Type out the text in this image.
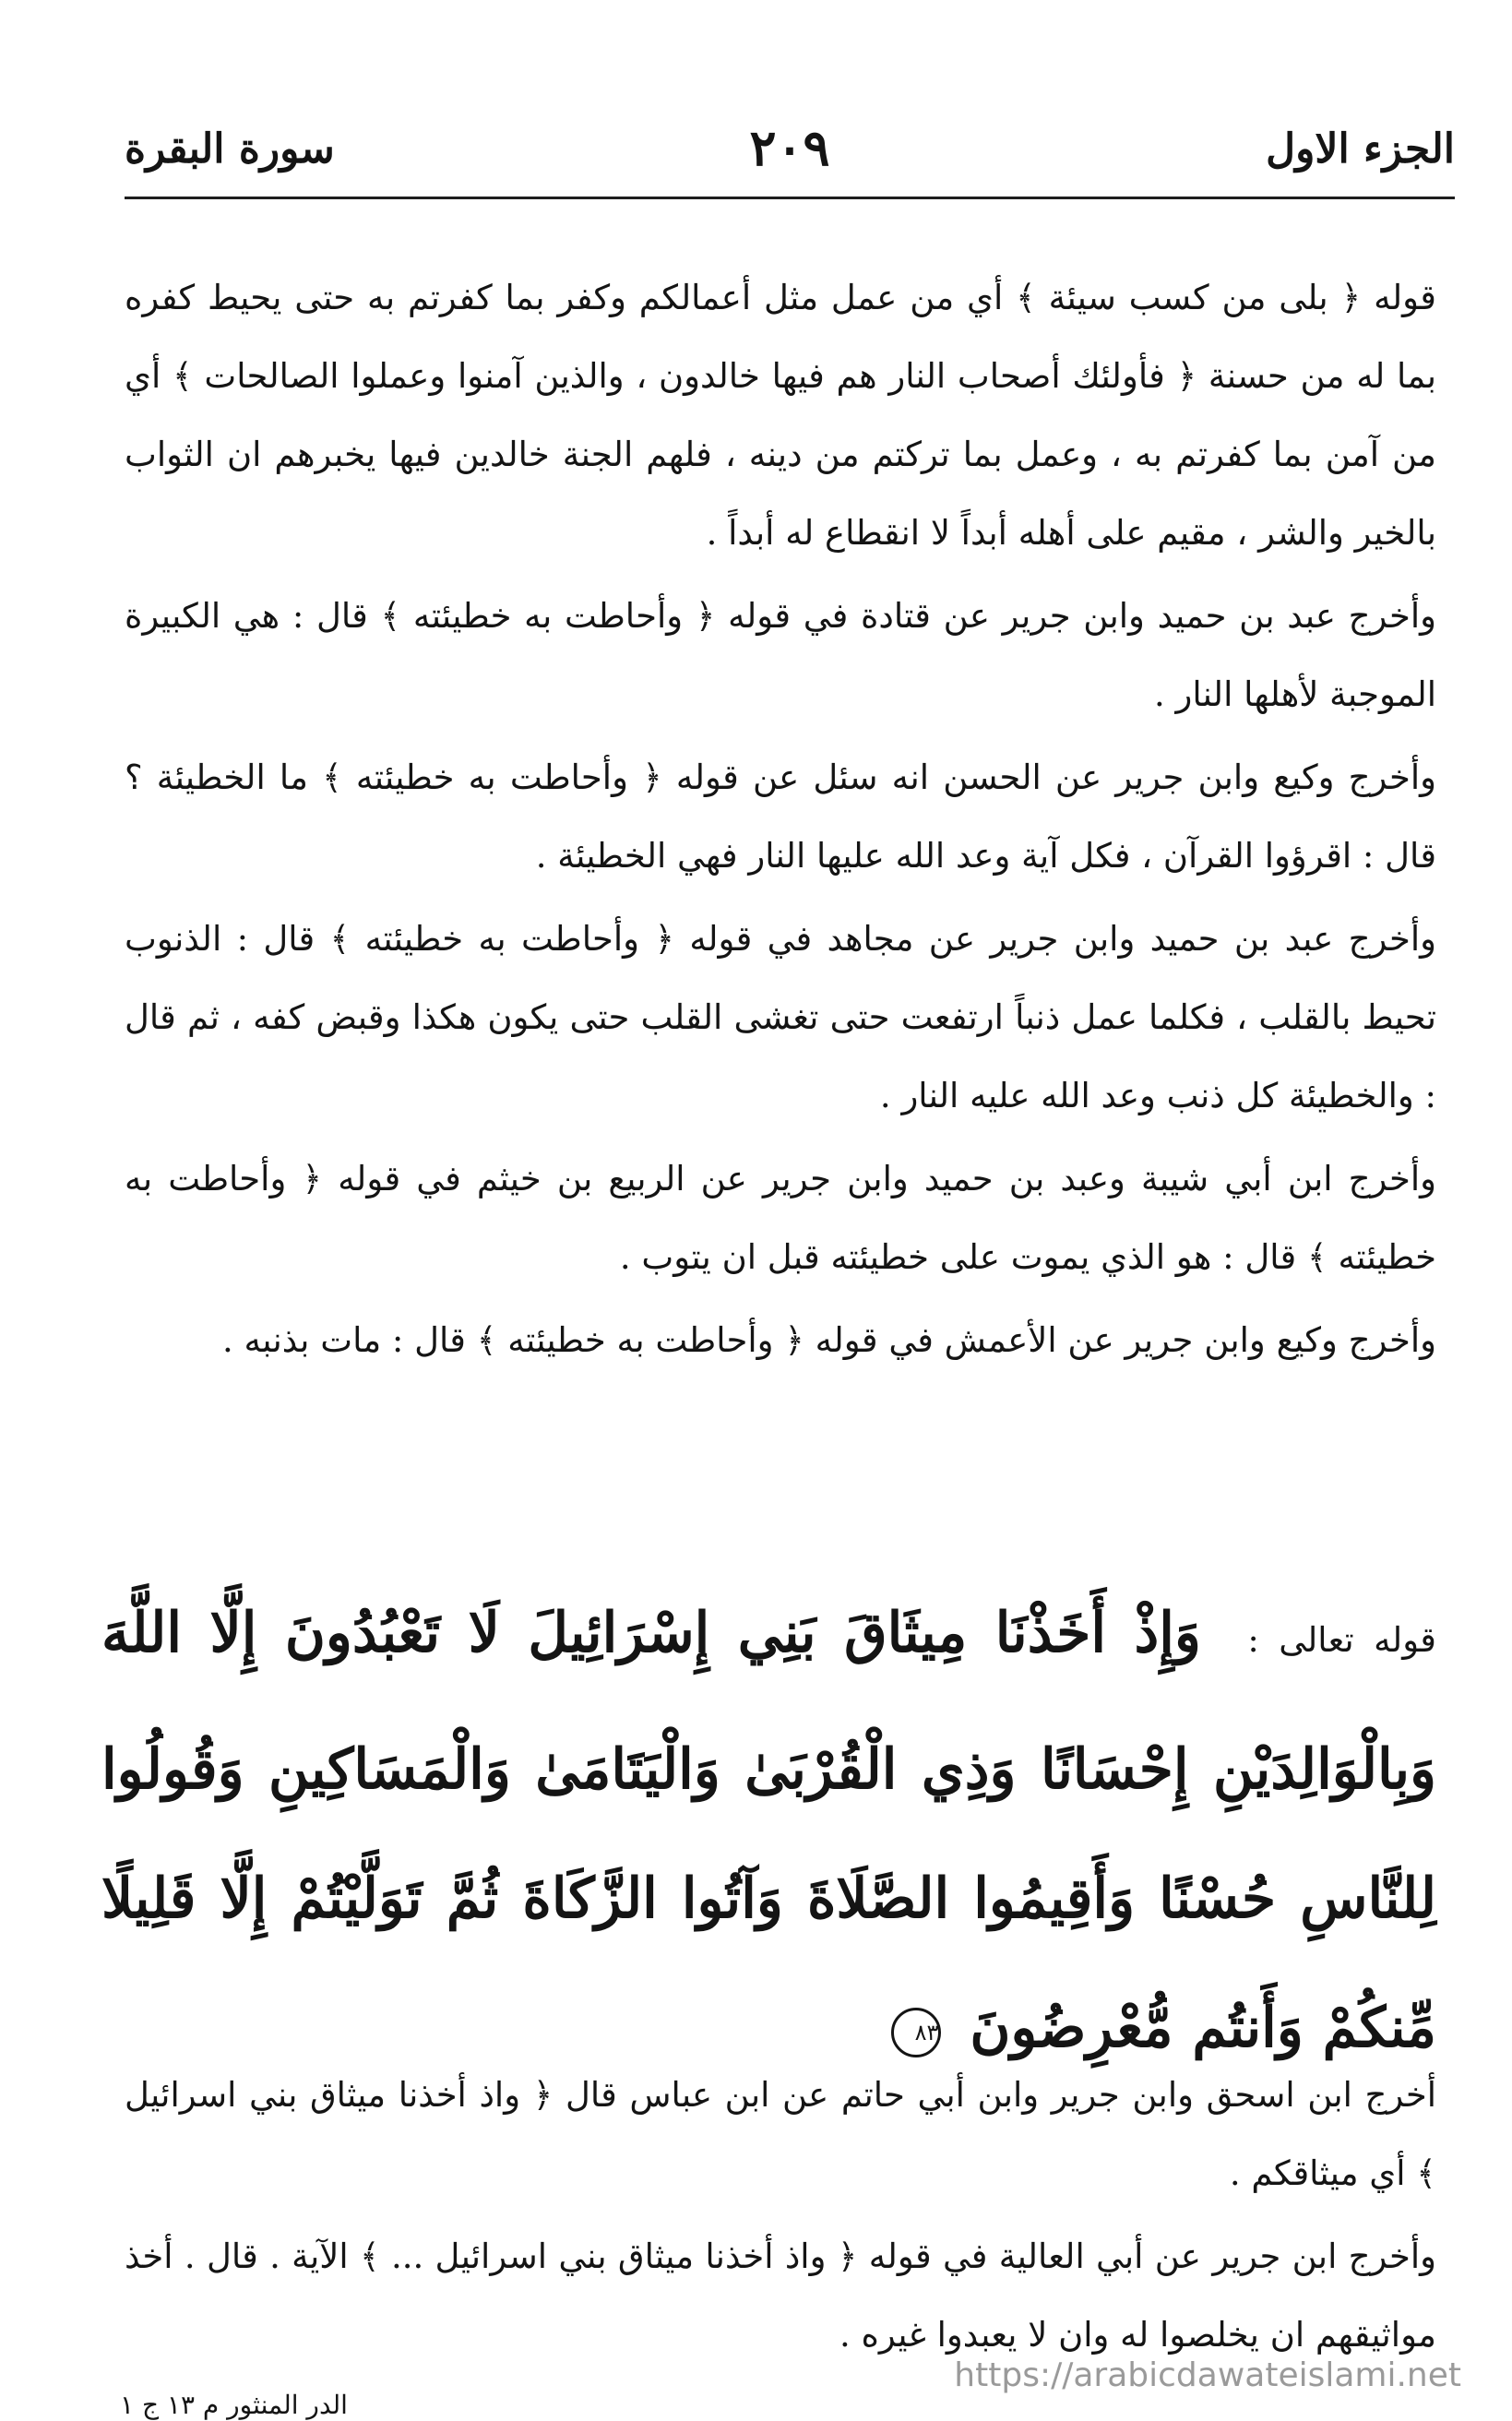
الجزء الاول
٢٠٩
سورة البقرة

قوله ﴿ بلى من كسب سيئة ﴾ أي من عمل مثل أعمالكم وكفر بما كفرتم به حتى يحيط كفره بما له من حسنة ﴿ فأولئك أصحاب النار هم فيها خالدون ، والذين آمنوا وعملوا الصالحات ﴾ أي من آمن بما كفرتم به ، وعمل بما تركتم من دينه ، فلهم الجنة خالدين فيها يخبرهم ان الثواب بالخير والشر ، مقيم على أهله أبداً لا انقطاع له أبداً .

وأخرج عبد بن حميد وابن جرير عن قتادة في قوله ﴿ وأحاطت به خطيئته ﴾ قال : هي الكبيرة الموجبة لأهلها النار .

وأخرج وكيع وابن جرير عن الحسن انه سئل عن قوله ﴿ وأحاطت به خطيئته ﴾ ما الخطيئة ؟ قال : اقرؤوا القرآن ، فكل آية وعد الله عليها النار فهي الخطيئة .

وأخرج عبد بن حميد وابن جرير عن مجاهد في قوله ﴿ وأحاطت به خطيئته ﴾ قال : الذنوب تحيط بالقلب ، فكلما عمل ذنباً ارتفعت حتى تغشى القلب حتى يكون هكذا وقبض كفه ، ثم قال : والخطيئة كل ذنب وعد الله عليه النار .

وأخرج ابن أبي شيبة وعبد بن حميد وابن جرير عن الربيع بن خيثم في قوله ﴿ وأحاطت به خطيئته ﴾ قال : هو الذي يموت على خطيئته قبل ان يتوب .

وأخرج وكيع وابن جرير عن الأعمش في قوله ﴿ وأحاطت به خطيئته ﴾ قال : مات بذنبه .

قوله تعالى : وَإِذْ أَخَذْنَا مِيثَاقَ بَنِي إِسْرَائِيلَ لَا تَعْبُدُونَ إِلَّا اللَّهَ وَبِالْوَالِدَيْنِ إِحْسَانًا وَذِي الْقُرْبَىٰ وَالْيَتَامَىٰ وَالْمَسَاكِينِ وَقُولُوا لِلنَّاسِ حُسْنًا وَأَقِيمُوا الصَّلَاةَ وَآتُوا الزَّكَاةَ ثُمَّ تَوَلَّيْتُمْ إِلَّا قَلِيلًا مِّنكُمْ وَأَنتُم مُّعْرِضُونَ ٨٣

أخرج ابن اسحق وابن جرير وابن أبي حاتم عن ابن عباس قال ﴿ واذ أخذنا ميثاق بني اسرائيل ﴾ أي ميثاقكم .

وأخرج ابن جرير عن أبي العالية في قوله ﴿ واذ أخذنا ميثاق بني اسرائيل ... ﴾ الآية . قال . أخذ مواثيقهم ان يخلصوا له وان لا يعبدوا غيره .

الدر المنثور م ١٣ ج ١
https://arabicdawateislami.net
